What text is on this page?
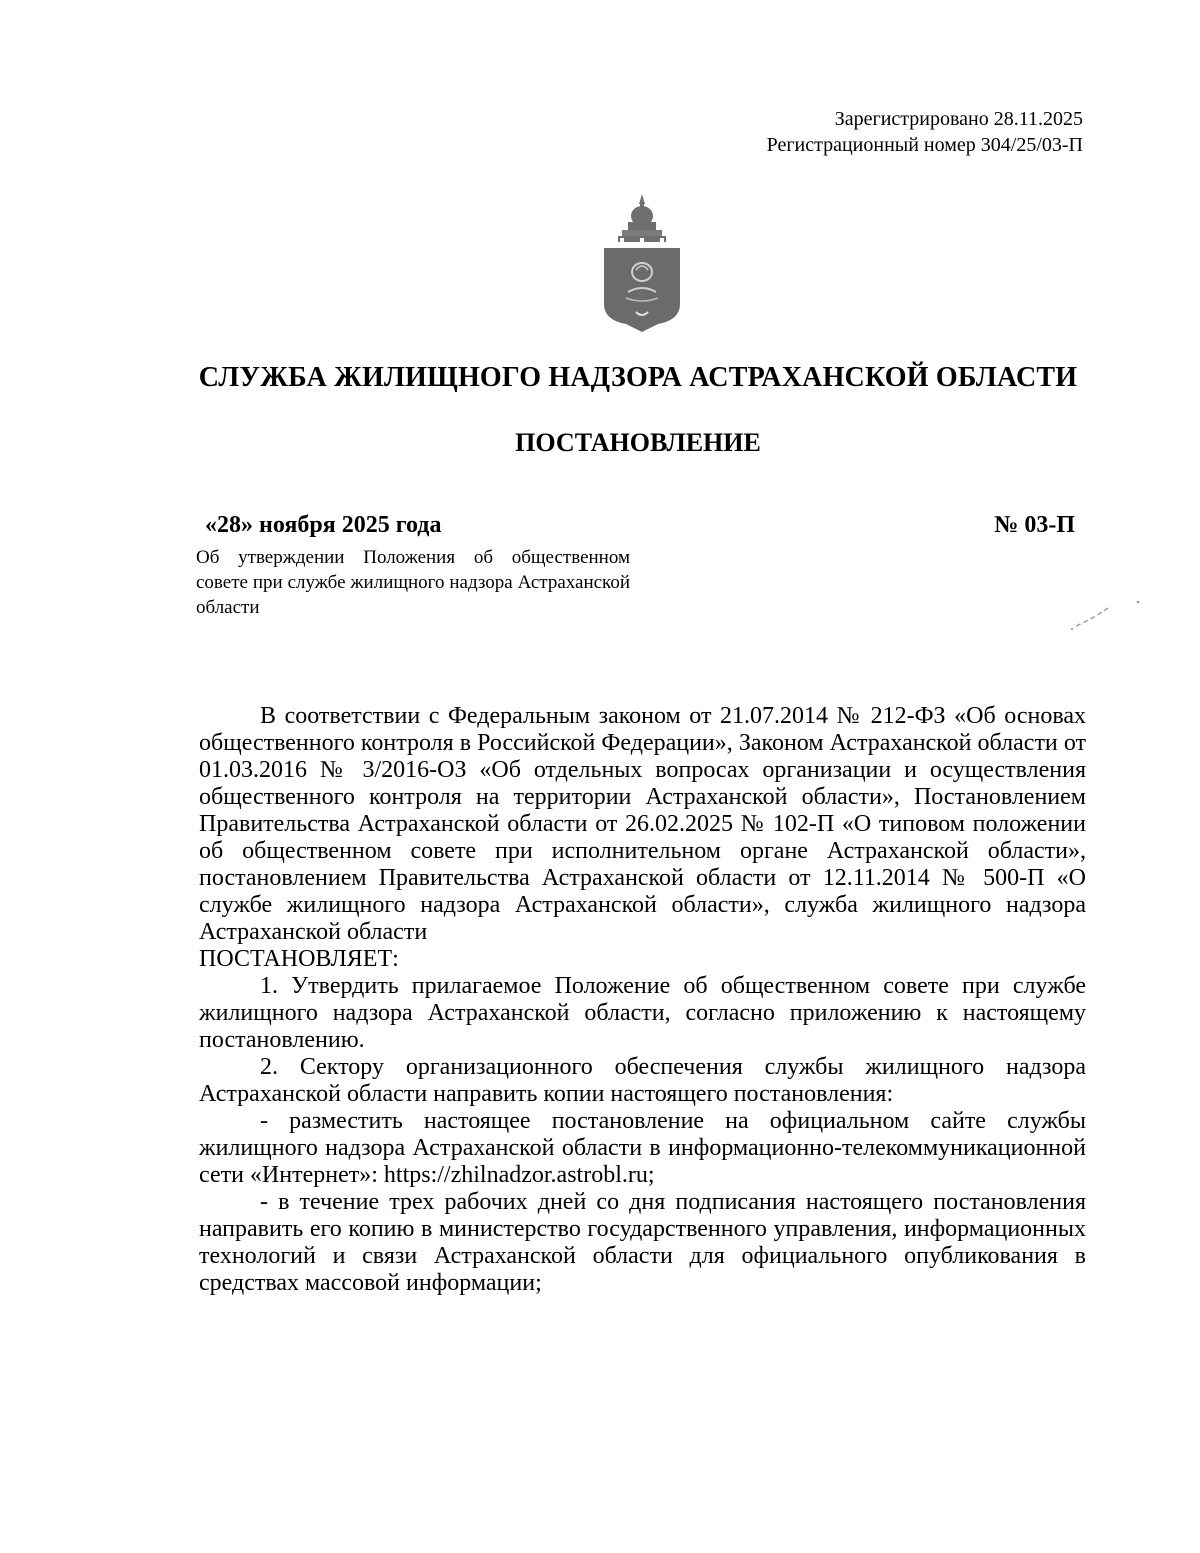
Зарегистрировано 28.11.2025
Регистрационный номер 304/25/03-П
СЛУЖБА ЖИЛИЩНОГО НАДЗОРА АСТРАХАНСКОЙ ОБЛАСТИ
ПОСТАНОВЛЕНИЕ
«28» ноября 2025 года	№ 03-П
Об утверждении Положения об общественном совете при службе жилищного надзора Астраханской области

В соответствии с Федеральным законом от 21.07.2014 № 212-ФЗ «Об основах общественного контроля в Российской Федерации», Законом Астраханской области от 01.03.2016 № 3/2016-ОЗ «Об отдельных вопросах организации и осуществления общественного контроля на территории Астраханской области», Постановлением Правительства Астраханской области от 26.02.2025 № 102-П «О типовом положении об общественном совете при исполнительном органе Астраханской области», постановлением Правительства Астраханской области от 12.11.2014 № 500-П «О службе жилищного надзора Астраханской области», служба жилищного надзора Астраханской области

ПОСТАНОВЛЯЕТ:

1. Утвердить прилагаемое Положение об общественном совете при службе жилищного надзора Астраханской области, согласно приложению к настоящему постановлению.

2. Сектору организационного обеспечения службы жилищного надзора Астраханской области направить копии настоящего постановления:

- разместить настоящее постановление на официальном сайте службы жилищного надзора Астраханской области в информационно-телекоммуникационной сети «Интернет»: https://zhilnadzor.astrobl.ru;

- в течение трех рабочих дней со дня подписания настоящего постановления направить его копию в министерство государственного управления, информационных технологий и связи Астраханской области для официального опубликования в средствах массовой информации;
